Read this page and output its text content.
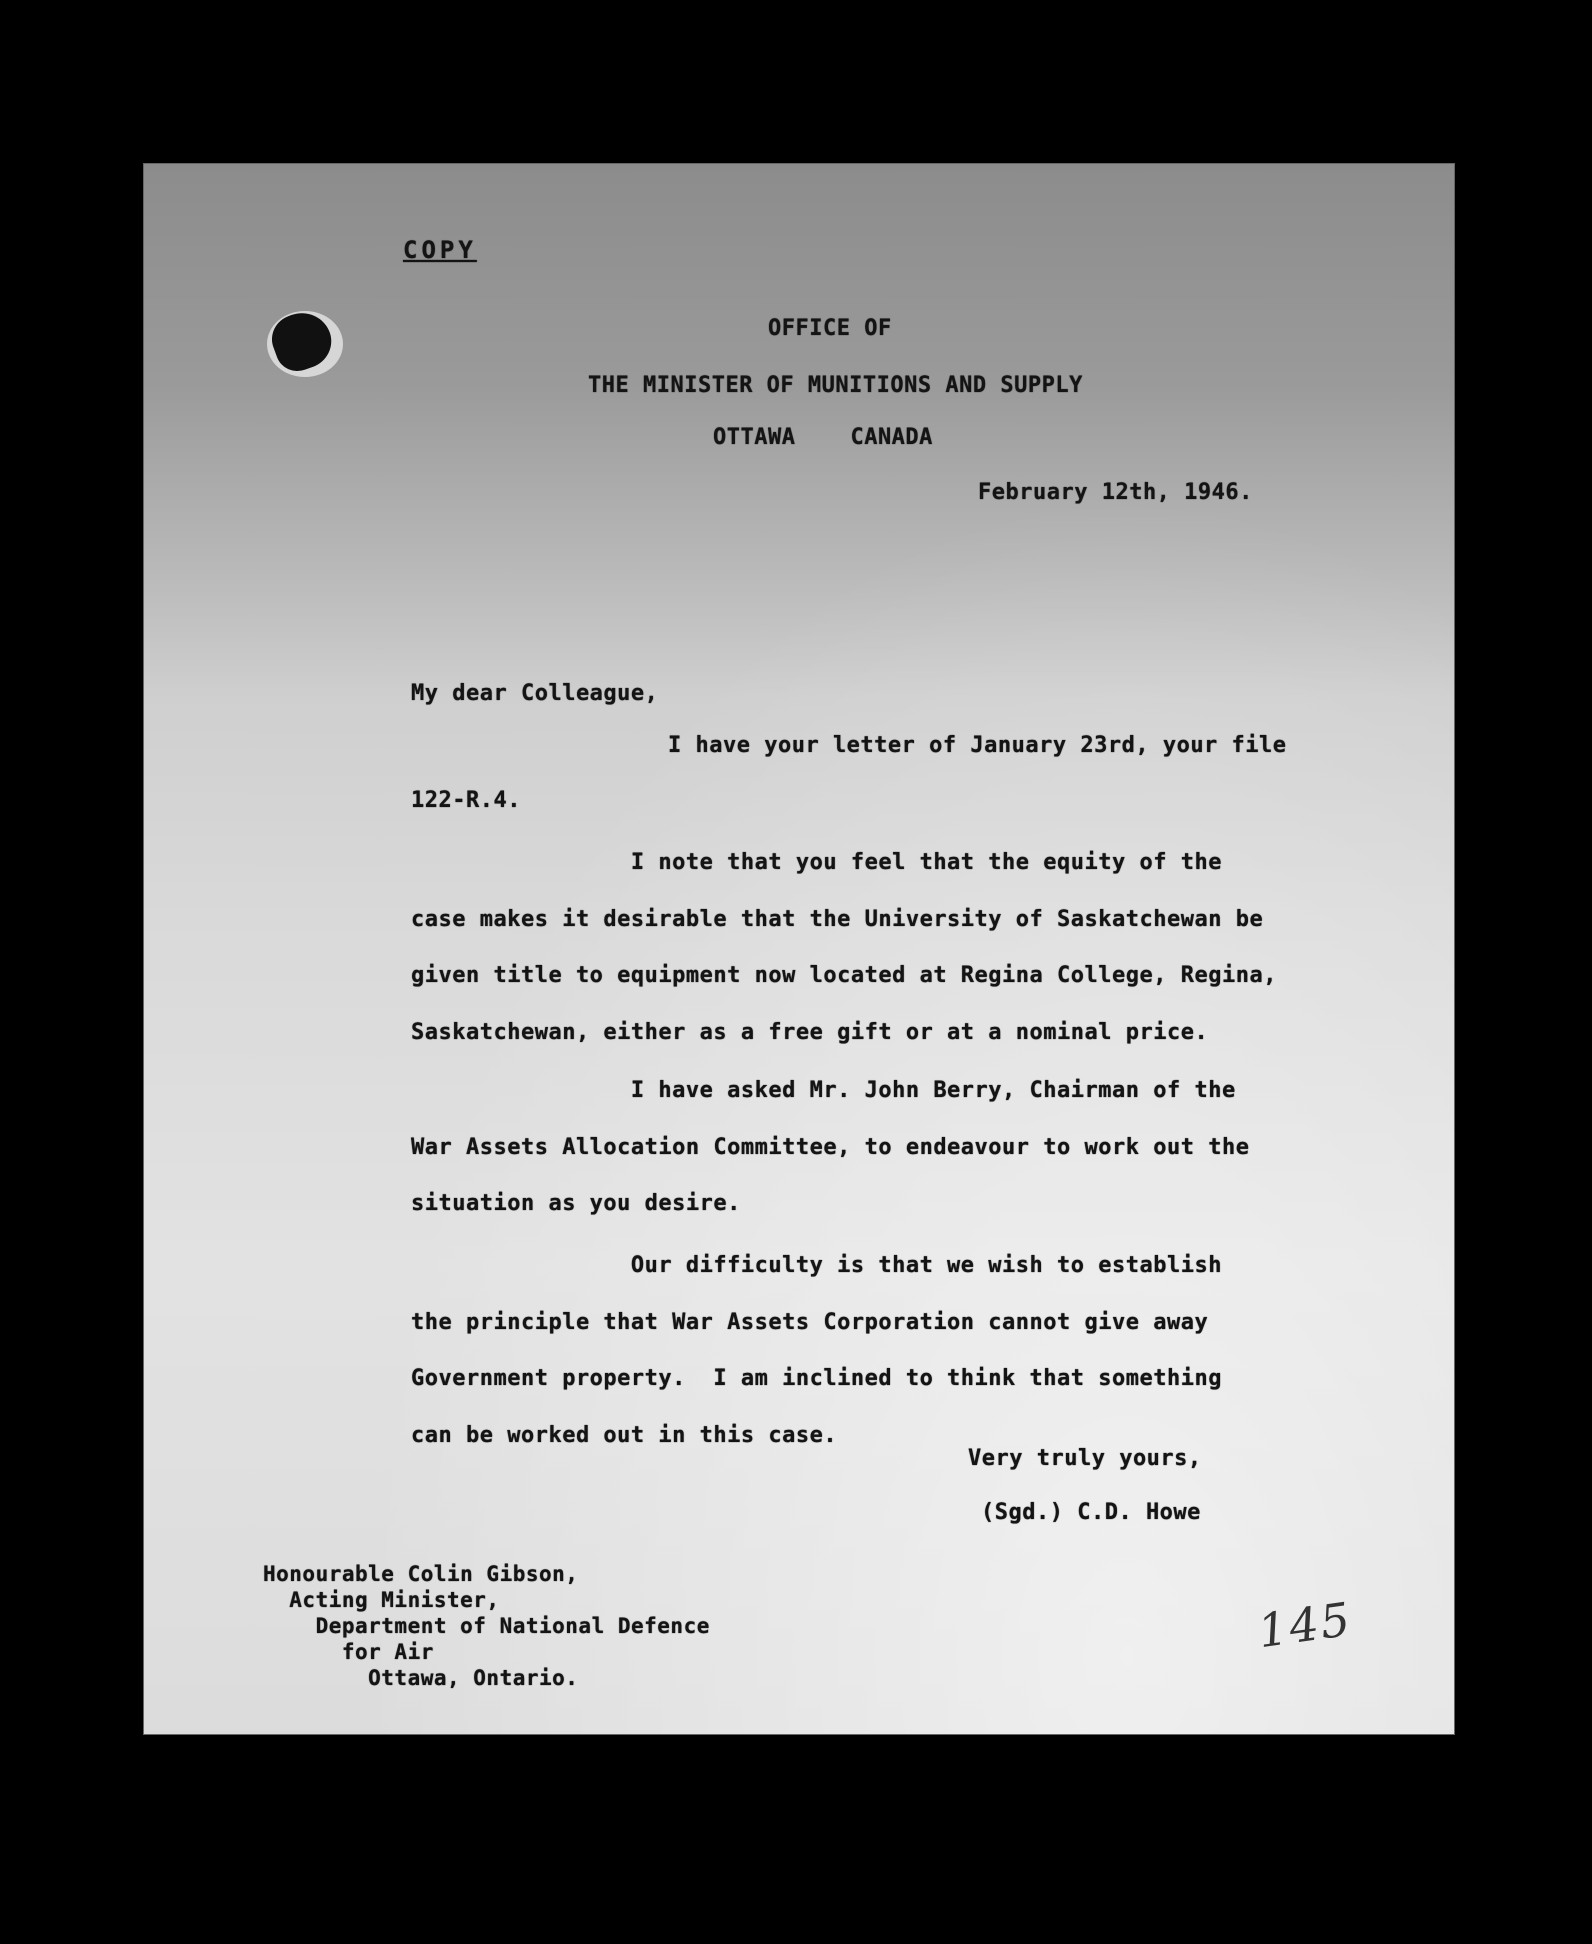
COPY

OFFICE OF

THE MINISTER OF MUNITIONS AND SUPPLY

OTTAWA    CANADA

February 12th, 1946.

My dear Colleague,

I have your letter of January 23rd, your file

122-R.4.

I note that you feel that the equity of the
case makes it desirable that the University of Saskatchewan be
given title to equipment now located at Regina College, Regina,
Saskatchewan, either as a free gift or at a nominal price.

I have asked Mr. John Berry, Chairman of the
War Assets Allocation Committee, to endeavour to work out the
situation as you desire.

Our difficulty is that we wish to establish
the principle that War Assets Corporation cannot give away
Government property.  I am inclined to think that something
can be worked out in this case.

Very truly yours,

(Sgd.) C.D. Howe

Honourable Colin Gibson,
Acting Minister,
Department of National Defence
for Air
Ottawa, Ontario.

145
